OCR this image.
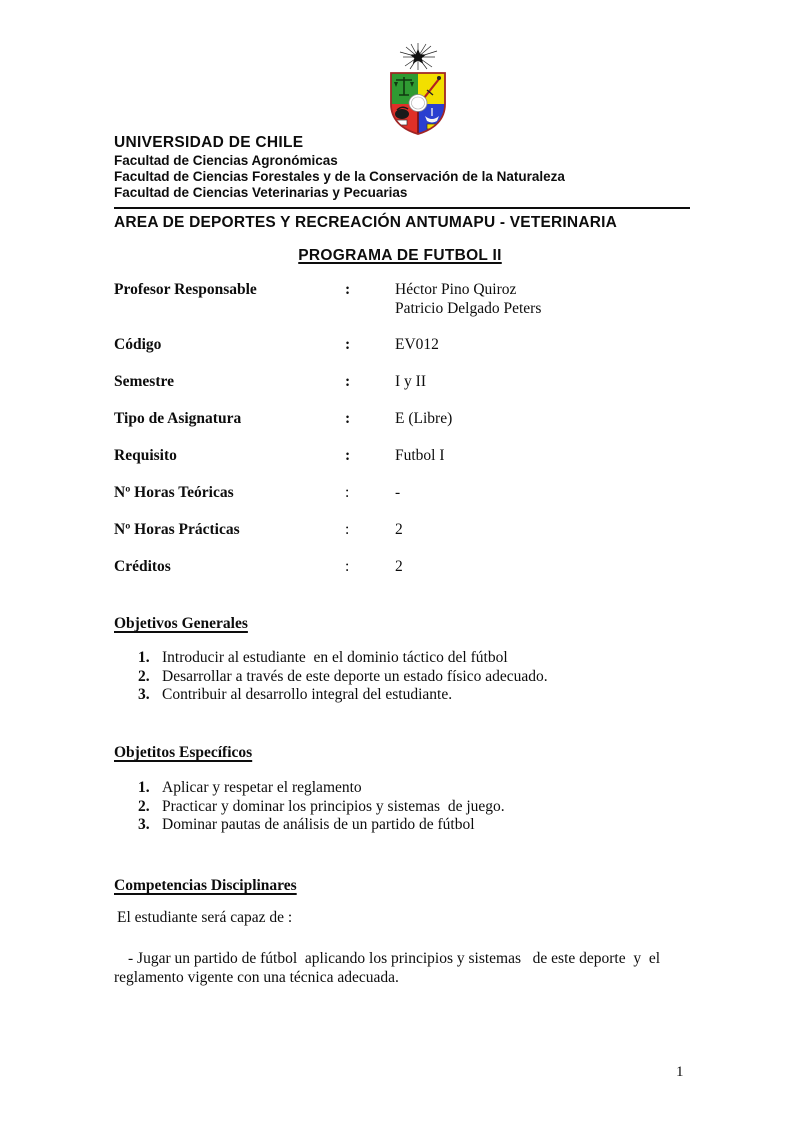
UNIVERSIDAD DE CHILE
Facultad de Ciencias Agronómicas
Facultad de Ciencias Forestales y de la Conservación de la Naturaleza
Facultad de Ciencias Veterinarias y Pecuarias
AREA DE DEPORTES Y RECREACIÓN ANTUMAPU - VETERINARIA
PROGRAMA DE FUTBOL II
Profesor Responsable	:	Héctor Pino Quiroz
Patricio Delgado Peters
Código	:	EV012
Semestre	:	I y II
Tipo de Asignatura	:	E (Libre)
Requisito	:	Futbol I
Nº Horas Teóricas	:	-
Nº Horas Prácticas	:	2
Créditos	:	2
Objetivos Generales
1. Introducir al estudiante  en el dominio táctico del fútbol
2. Desarrollar a través de este deporte un estado físico adecuado.
3. Contribuir al desarrollo integral del estudiante.
Objetitos Específicos
1. Aplicar y respetar el reglamento
2. Practicar y dominar los principios y sistemas  de juego.
3. Dominar pautas de análisis de un partido de fútbol
Competencias Disciplinares
El estudiante será capaz de :
- Jugar un partido de fútbol  aplicando los principios y sistemas   de este deporte  y  el reglamento vigente con una técnica adecuada.
1
